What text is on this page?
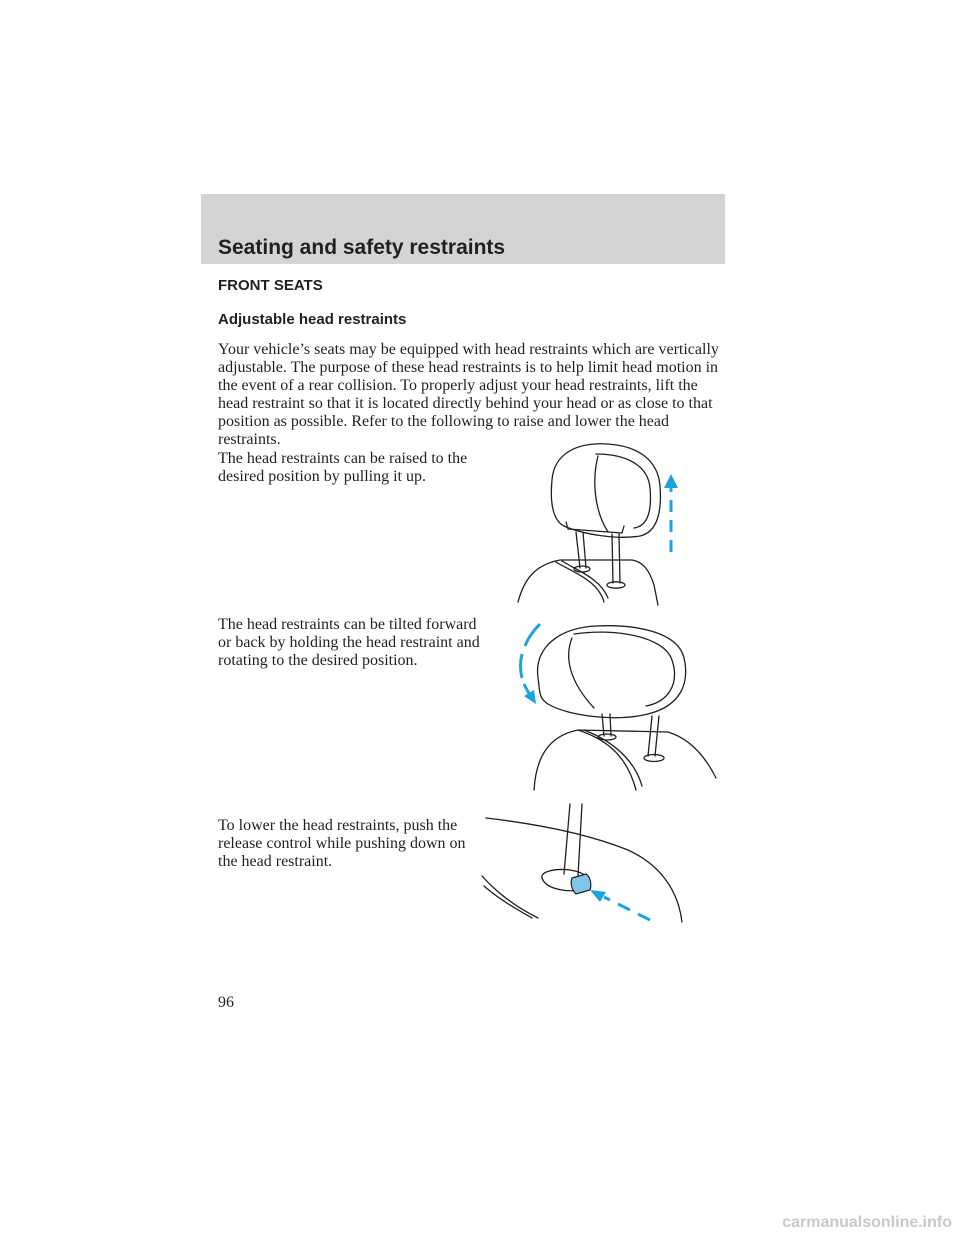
Seating and safety restraints
FRONT SEATS
Adjustable head restraints

Your vehicle’s seats may be equipped with head restraints which are vertically adjustable. The purpose of these head restraints is to help limit head motion in the event of a rear collision. To properly adjust your head restraints, lift the head restraint so that it is located directly behind your head or as close to that position as possible. Refer to the following to raise and lower the head restraints.

The head restraints can be raised to the desired position by pulling it up.

The head restraints can be tilted forward or back by holding the head restraint and rotating to the desired position.

To lower the head restraints, push the release control while pushing down on the head restraint.

96

carmanualsonline.info
